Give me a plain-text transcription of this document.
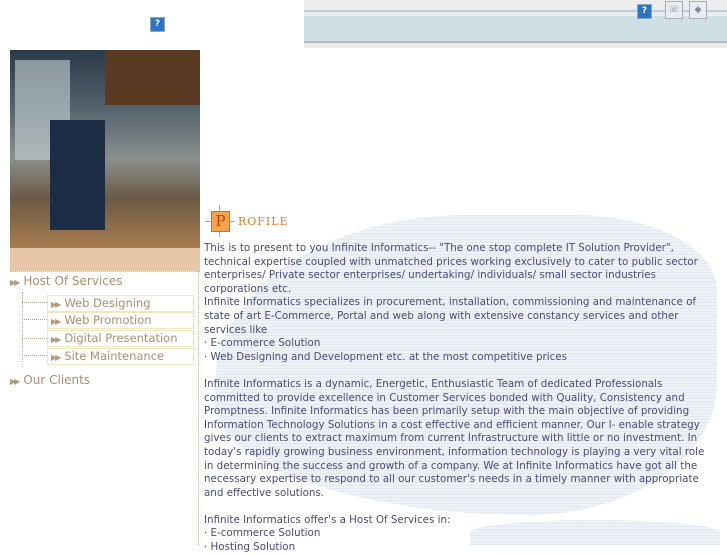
?	☏	◆
?
▶▶ Host Of Services
▶▶ Web Designing
▶▶ Web Promotion
▶▶ Digital Presentation
▶▶ Site Maintenance
▶▶ Our Clients
P	ROFILE

This is to present to you Infinite Informatics-- "The one stop complete IT Solution Provider", technical expertise coupled with unmatched prices working exclusively to cater to public sector enterprises/ Private sector enterprises/ undertaking/ individuals/ small sector industries corporations etc.

Infinite Informatics specializes in procurement, installation, commissioning and maintenance of state of art E-Commerce, Portal and web along with extensive constancy services and other services like

· E-commerce Solution

· Web Designing and Development etc. at the most competitive prices

Infinite Informatics is a dynamic, Energetic, Enthusiastic Team of dedicated Professionals committed to provide excellence in Customer Services bonded with Quality, Consistency and Promptness. Infinite Informatics has been primarily setup with the main objective of providing Information Technology Solutions in a cost effective and efficient manner. Our I- enable strategy gives our clients to extract maximum from current Infrastructure with little or no investment. In today's rapidly growing business environment, information technology is playing a very vital role in determining the success and growth of a company. We at Infinite Informatics have got all the necessary expertise to respond to all our customer's needs in a timely manner with appropriate and effective solutions.

Infinite Informatics offer's a Host Of Services in:

· E-commerce Solution

· Hosting Solution
